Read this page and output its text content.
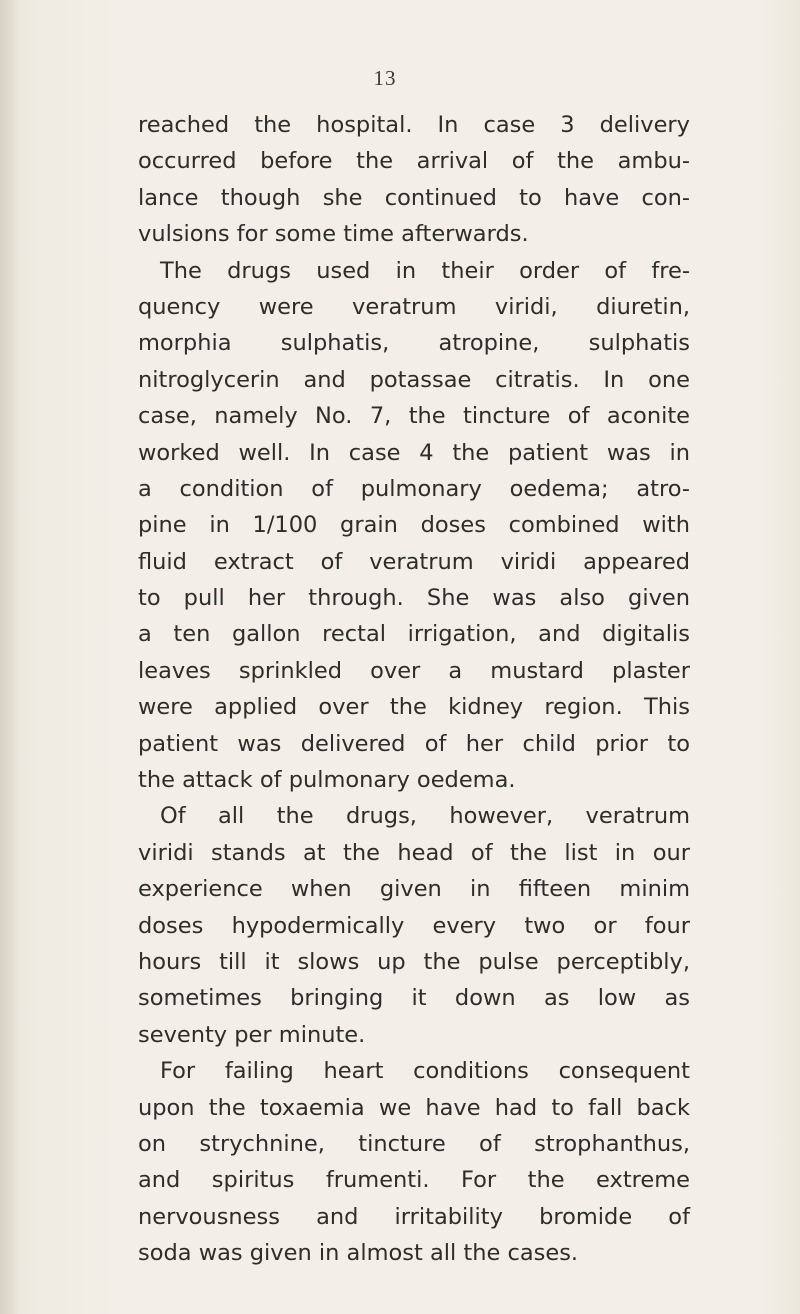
13
reached the hospital. In case 3 delivery
occurred before the arrival of the ambu-
lance though she continued to have con-
vulsions for some time afterwards.
The drugs used in their order of fre-
quency were veratrum viridi, diuretin,
morphia sulphatis, atropine, sulphatis
nitroglycerin and potassae citratis. In one
case, namely No. 7, the tincture of aconite
worked well. In case 4 the patient was in
a condition of pulmonary oedema; atro-
pine in 1/100 grain doses combined with
fluid extract of veratrum viridi appeared
to pull her through. She was also given
a ten gallon rectal irrigation, and digitalis
leaves sprinkled over a mustard plaster
were applied over the kidney region. This
patient was delivered of her child prior to
the attack of pulmonary oedema.
Of all the drugs, however, veratrum
viridi stands at the head of the list in our
experience when given in fifteen minim
doses hypodermically every two or four
hours till it slows up the pulse perceptibly,
sometimes bringing it down as low as
seventy per minute.
For failing heart conditions consequent
upon the toxaemia we have had to fall back
on strychnine, tincture of strophanthus,
and spiritus frumenti. For the extreme
nervousness and irritability bromide of
soda was given in almost all the cases.
